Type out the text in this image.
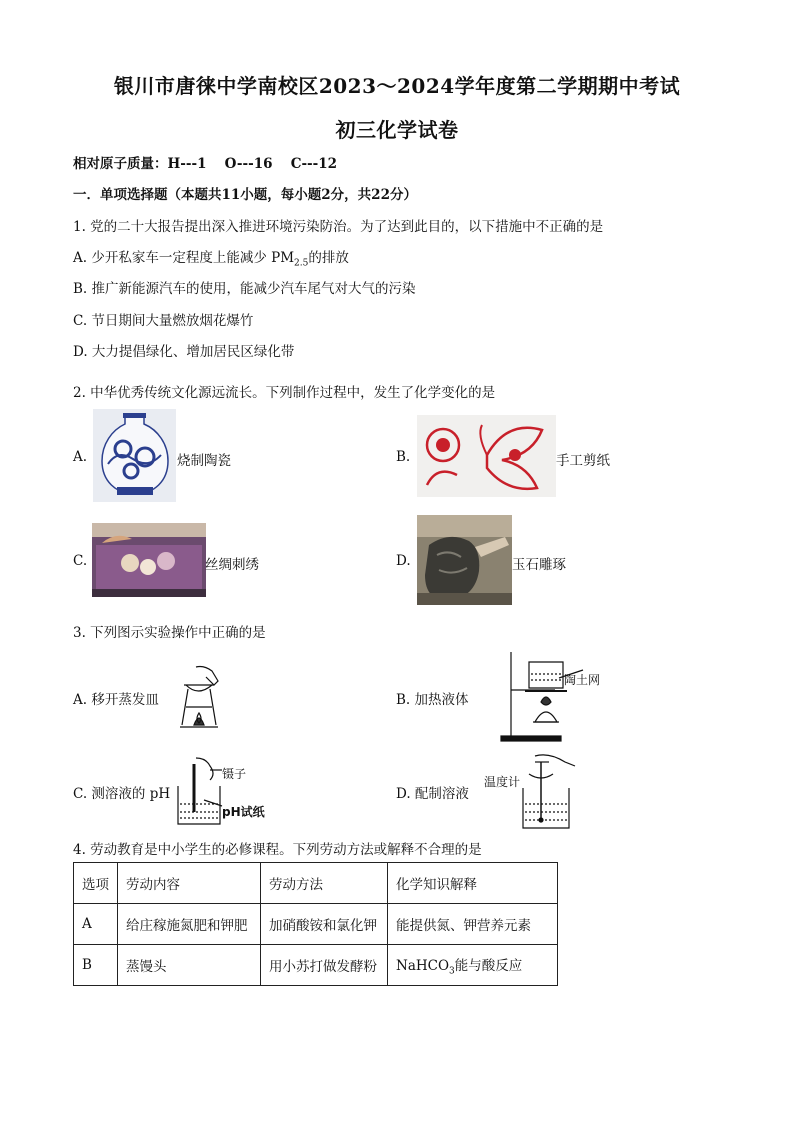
银川市唐徕中学南校区2023～2024学年度第二学期期中考试
初三化学试卷
相对原子质量：H---1　 O---16　 C---12
一．单项选择题（本题共11小题，每小题2分，共22分）
1. 党的二十大报告提出深入推进环境污染防治。为了达到此目的，以下措施中不正确的是
A. 少开私家车一定程度上能减少 $PM_{2.5}$的排放
B. 推广新能源汽车的使用，能减少汽车尾气对大气的污染
C. 节日期间大量燃放烟花爆竹
D. 大力提倡绿化、增加居民区绿化带
2. 中华优秀传统文化源远流长。下列制作过程中，发生了化学变化的是
A.	烧制陶瓷	B.	手工剪纸
C.	丝绸刺绣	D.	玉石雕琢
3. 下列图示实验操作中正确的是
A. 移开蒸发皿	B. 加热液体
陶土网
C. 测溶液的 pH
镊子
pH试纸
D. 配制溶液
温度计
4. 劳动教育是中小学生的必修课程。下列劳动方法或解释不合理的是
选项	劳动内容	劳动方法	化学知识解释
A	给庄稼施氮肥和钾肥	加硝酸铵和氯化钾	能提供氮、钾营养元素
B	蒸馒头	用小苏打做发酵粉	NaHCO$_3$能与酸反应
